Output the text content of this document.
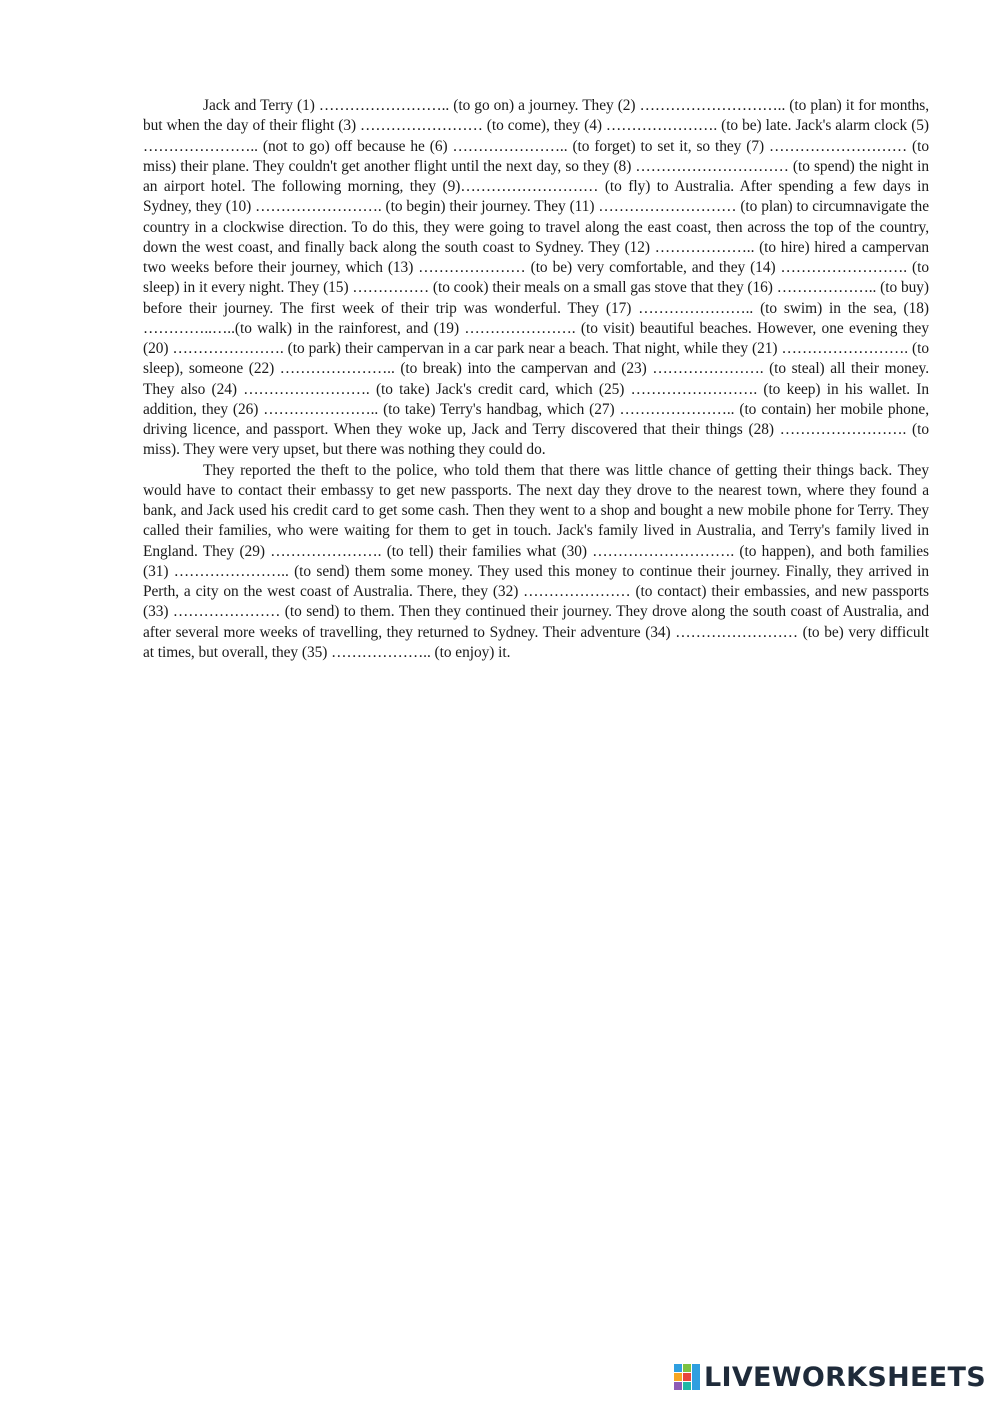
Jack and Terry (1) …………………….. (to go on) a journey. They (2) ……………………….. (to plan) it for months, but when the day of their flight (3) …………………… (to come), they (4) …………………. (to be) late. Jack's alarm clock (5) ………………….. (not to go) off because he (6) ………………….. (to forget) to set it, so they (7) ……………………… (to miss) their plane. They couldn't get another flight until the next day, so they (8) ………………………… (to spend) the night in an airport hotel. The following morning, they (9)……………………… (to fly) to Australia. After spending a few days in Sydney, they (10) ……………………. (to begin) their journey. They (11) ……………………… (to plan) to circumnavigate the country in a clockwise direction. To do this, they were going to travel along the east coast, then across the top of the country, down the west coast, and finally back along the south coast to Sydney. They (12) ……………….. (to hire) hired a campervan two weeks before their journey, which (13) ………………… (to be) very comfortable, and they (14) ……………………. (to sleep) in it every night. They (15) …………… (to cook) their meals on a small gas stove that they (16) ……………….. (to buy) before their journey. The first week of their trip was wonderful. They (17) ………………….. (to swim) in the sea, (18) …………..…..(to walk) in the rainforest, and (19) …………………. (to visit) beautiful beaches. However, one evening they (20) …………………. (to park) their campervan in a car park near a beach. That night, while they (21) ……………………. (to sleep), someone (22) ………………….. (to break) into the campervan and (23) …………………. (to steal) all their money. They also (24) ……………………. (to take) Jack's credit card, which (25) ……………………. (to keep) in his wallet. In addition, they (26) ………………….. (to take) Terry's handbag, which (27) ………………….. (to contain) her mobile phone, driving licence, and passport. When they woke up, Jack and Terry discovered that their things (28) ……………………. (to miss). They were very upset, but there was nothing they could do.

They reported the theft to the police, who told them that there was little chance of getting their things back. They would have to contact their embassy to get new passports. The next day they drove to the nearest town, where they found a bank, and Jack used his credit card to get some cash. Then they went to a shop and bought a new mobile phone for Terry. They called their families, who were waiting for them to get in touch. Jack's family lived in Australia, and Terry's family lived in England. They (29) …………………. (to tell) their families what (30) ………………………. (to happen), and both families (31) ………………….. (to send) them some money. They used this money to continue their journey. Finally, they arrived in Perth, a city on the west coast of Australia. There, they (32) ………………… (to contact) their embassies, and new passports (33) ………………… (to send) to them. Then they continued their journey. They drove along the south coast of Australia, and after several more weeks of travelling, they returned to Sydney. Their adventure (34) …………………… (to be) very difficult at times, but overall, they (35) ……………….. (to enjoy) it.

LIVEWORKSHEETS
